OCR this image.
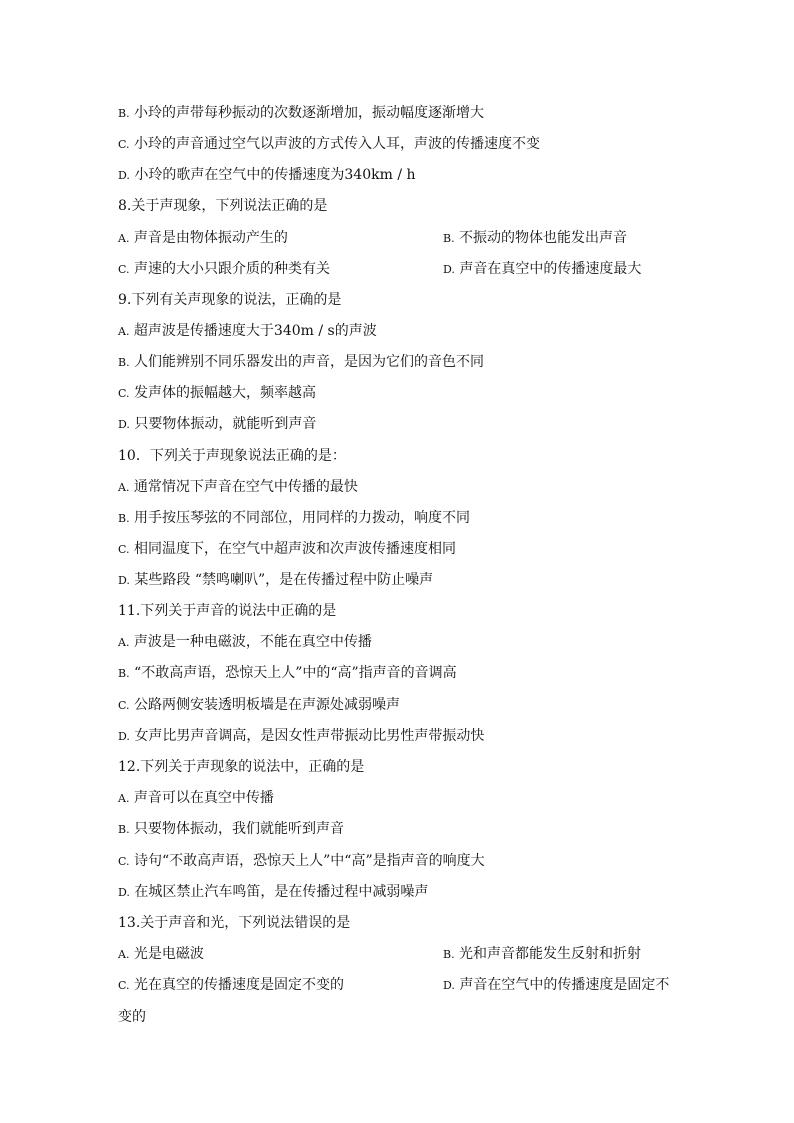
B. 小玲的声带每秒振动的次数逐渐增加，振动幅度逐渐增大
C. 小玲的声音通过空气以声波的方式传入人耳，声波的传播速度不变
D. 小玲的歌声在空气中的传播速度为340km / h
8.关于声现象，下列说法正确的是
A. 声音是由物体振动产生的	B. 不振动的物体也能发出声音
C. 声速的大小只跟介质的种类有关	D. 声音在真空中的传播速度最大
9.下列有关声现象的说法，正确的是
A. 超声波是传播速度大于340m / s的声波
B. 人们能辨别不同乐器发出的声音，是因为它们的音色不同
C. 发声体的振幅越大，频率越高
D. 只要物体振动，就能听到声音
10．下列关于声现象说法正确的是：
A. 通常情况下声音在空气中传播的最快
B. 用手按压琴弦的不同部位，用同样的力拨动，响度不同
C. 相同温度下，在空气中超声波和次声波传播速度相同
D. 某些路段 “禁鸣喇叭”，是在传播过程中防止噪声
11.下列关于声音的说法中正确的是
A. 声波是一种电磁波，不能在真空中传播
B. “不敢高声语，恐惊天上人”中的“高”指声音的音调高
C. 公路两侧安装透明板墙是在声源处减弱噪声
D. 女声比男声音调高，是因女性声带振动比男性声带振动快
12.下列关于声现象的说法中，正确的是
A. 声音可以在真空中传播
B. 只要物体振动，我们就能听到声音
C. 诗句“不敢高声语，恐惊天上人”中“高”是指声音的响度大
D. 在城区禁止汽车鸣笛，是在传播过程中减弱噪声
13.关于声音和光，下列说法错误的是
A. 光是电磁波	B. 光和声音都能发生反射和折射
C. 光在真空的传播速度是固定不变的	D. 声音在空气中的传播速度是固定不
变的
